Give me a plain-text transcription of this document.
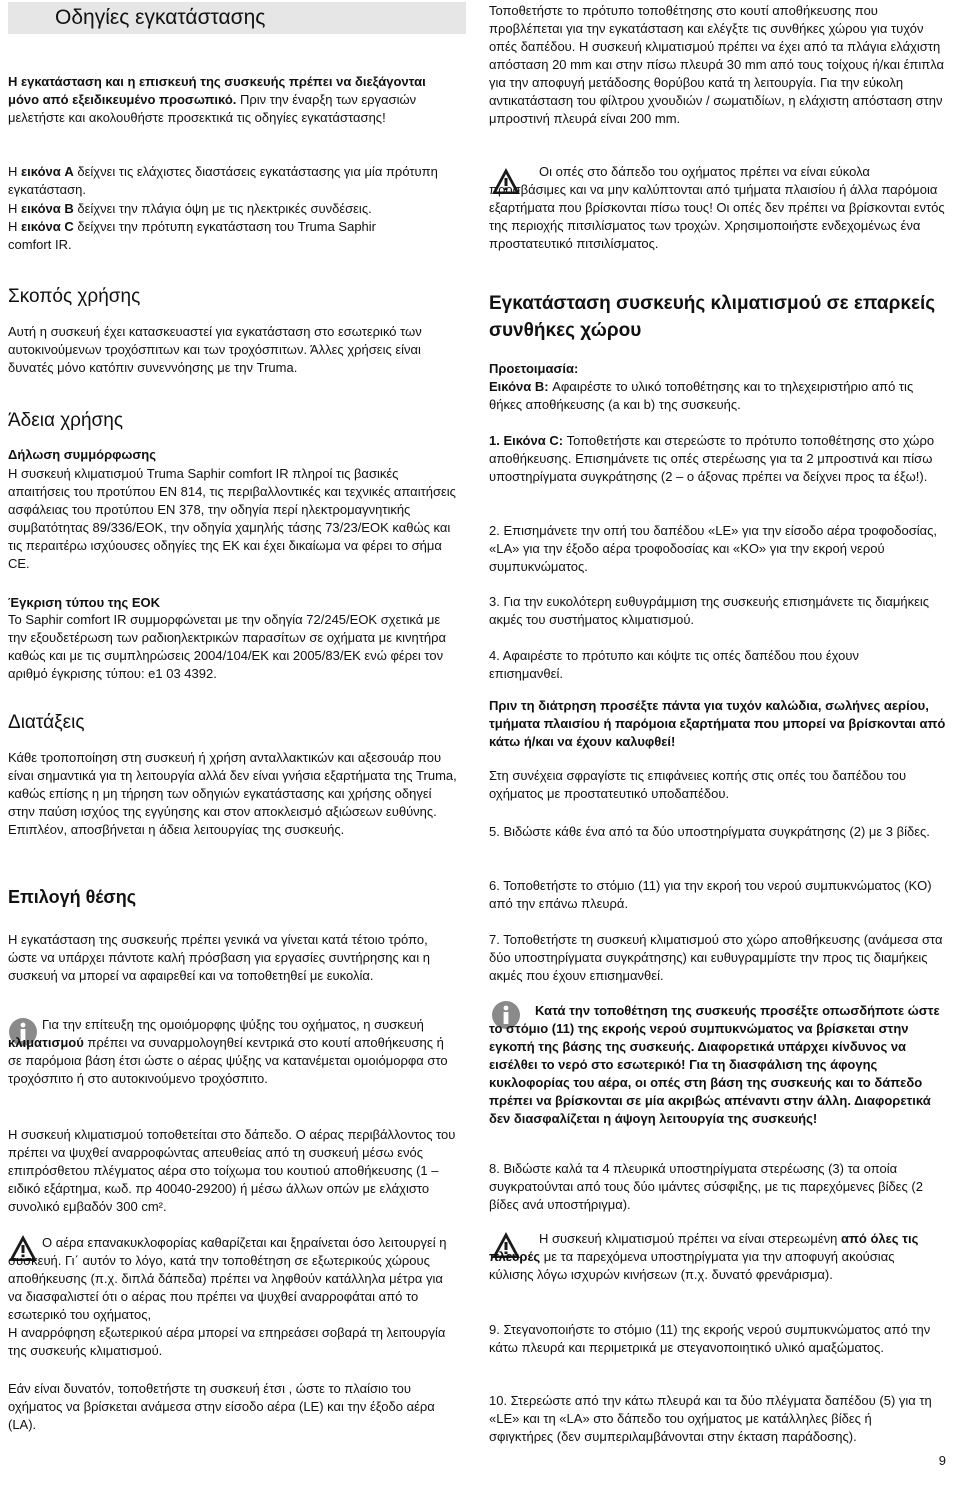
Οδηγίες εγκατάστασης

Η εγκατάσταση και η επισκευή της συσκευής πρέπει να διεξάγονται μόνο από εξειδικευμένο προσωπικό. Πριν την έναρξη των εργασιών μελετήστε και ακολουθήστε προσεκτικά τις οδηγίες εγκατάστασης!

Η εικόνα A δείχνει τις ελάχιστες διαστάσεις εγκατάστασης για μία πρότυπη εγκατάσταση.

Η εικόνα B δείχνει την πλάγια όψη με τις ηλεκτρικές συνδέσεις.

Η εικόνα C δείχνει την πρότυπη εγκατάσταση του Truma Saphir comfort IR.

Σκοπός χρήσης

Αυτή η συσκευή έχει κατασκευαστεί για εγκατάσταση στο εσωτερικό των αυτοκινούμενων τροχόσπιτων και των τροχόσπιτων. Άλλες χρήσεις είναι δυνατές μόνο κατόπιν συνεννόησης με την Truma.

Άδεια χρήσης

Δήλωση συμμόρφωσης

Η συσκευή κλιματισμού Truma Saphir comfort IR πληροί τις βασικές απαιτήσεις του προτύπου EN 814, τις περιβαλλοντικές και τεχνικές απαιτήσεις ασφάλειας του προτύπου EN 378, την οδηγία περί ηλεκτρομαγνητικής συμβατότητας 89/336/ΕΟΚ, την οδηγία χαμηλής τάσης 73/23/ΕΟΚ καθώς και τις περαιτέρω ισχύουσες οδηγίες της ΕΚ και έχει δικαίωμα να φέρει το σήμα CE.

Έγκριση τύπου της ΕΟΚ

Το Saphir comfort IR συμμορφώνεται με την οδηγία 72/245/ΕΟΚ σχετικά με την εξουδετέρωση των ραδιοηλεκτρικών παρασίτων σε οχήματα με κινητήρα καθώς και με τις συμπληρώσεις 2004/104/ΕΚ και 2005/83/ΕΚ ενώ φέρει τον αριθμό έγκρισης τύπου: e1 03 4392.

Διατάξεις

Κάθε τροποποίηση στη συσκευή ή χρήση ανταλλακτικών και αξεσουάρ που είναι σημαντικά για τη λειτουργία αλλά δεν είναι γνήσια εξαρτήματα της Truma, καθώς επίσης η μη τήρηση των οδηγιών εγκατάστασης και χρήσης οδηγεί στην παύση ισχύος της εγγύησης και στον αποκλεισμό αξιώσεων ευθύνης. Επιπλέον, αποσβήνεται η άδεια λειτουργίας της συσκευής.

Επιλογή θέσης

Η εγκατάσταση της συσκευής πρέπει γενικά να γίνεται κατά τέτοιο τρόπο, ώστε να υπάρχει πάντοτε καλή πρόσβαση για εργασίες συντήρησης και η συσκευή να μπορεί να αφαιρεθεί και να τοποθετηθεί με ευκολία.

Για την επίτευξη της ομοιόμορφης ψύξης του οχήματος, η συσκευή κλιματισμού πρέπει να συναρμολογηθεί κεντρικά στο κουτί αποθήκευσης ή σε παρόμοια βάση έτσι ώστε ο αέρας ψύξης να κατανέμεται ομοιόμορφα στο τροχόσπιτο ή στο αυτοκινούμενο τροχόσπιτο.

Η συσκευή κλιματισμού τοποθετείται στο δάπεδο. Ο αέρας περιβάλλοντος του πρέπει να ψυχθεί αναρροφώντας απευθείας από τη συσκευή μέσω ενός επιπρόσθετου πλέγματος αέρα στο τοίχωμα του κουτιού αποθήκευσης (1 – ειδικό εξάρτημα, κωδ. πρ 40040-29200) ή μέσω άλλων οπών με ελάχιστο συνολικό εμβαδόν 300 cm².

Ο αέρα επανακυκλοφορίας καθαρίζεται και ξηραίνεται όσο λειτουργεί η συσκευή. Γι΄ αυτόν το λόγο, κατά την τοποθέτηση σε εξωτερικούς χώρους αποθήκευσης (π.χ. διπλά δάπεδα) πρέπει να ληφθούν κατάλληλα μέτρα για να διασφαλιστεί ότι ο αέρας που πρέπει να ψυχθεί αναρροφάται από το εσωτερικό του οχήματος,

Η αναρρόφηση εξωτερικού αέρα μπορεί να επηρεάσει σοβαρά τη λειτουργία της συσκευής κλιματισμού.

Εάν είναι δυνατόν, τοποθετήστε τη συσκευή έτσι , ώστε το πλαίσιο του οχήματος να βρίσκεται ανάμεσα στην είσοδο αέρα (LE) και την έξοδο αέρα (LA).

Τοποθετήστε το πρότυπο τοποθέτησης στο κουτί αποθήκευσης που προβλέπεται για την εγκατάσταση και ελέγξτε τις συνθήκες χώρου για τυχόν οπές δαπέδου. Η συσκευή κλιματισμού πρέπει να έχει από τα πλάγια ελάχιστη απόσταση 20 mm και στην πίσω πλευρά 30 mm από τους τοίχους ή/και έπιπλα για την αποφυγή μετάδοσης θορύβου κατά τη λειτουργία. Για την εύκολη αντικατάσταση του φίλτρου χνουδιών / σωματιδίων, η ελάχιστη απόσταση στην μπροστινή πλευρά είναι 200 mm.

Οι οπές στο δάπεδο του οχήματος πρέπει να είναι εύκολα προσβάσιμες και να μην καλύπτονται από τμήματα πλαισίου ή άλλα παρόμοια εξαρτήματα που βρίσκονται πίσω τους! Οι οπές δεν πρέπει να βρίσκονται εντός της περιοχής πιτσιλίσματος των τροχών. Χρησιμοποιήστε ενδεχομένως ένα προστατευτικό πιτσιλίσματος.

Εγκατάσταση συσκευής κλιματισμού σε επαρκείς συνθήκες χώρου

Προετοιμασία:

Εικόνα B: Αφαιρέστε το υλικό τοποθέτησης και το τηλεχειριστήριο από τις θήκες αποθήκευσης (a και b) της συσκευής.

1. Εικόνα C: Τοποθετήστε και στερεώστε το πρότυπο τοποθέτησης στο χώρο αποθήκευσης. Επισημάνετε τις οπές στερέωσης για τα 2 μπροστινά και πίσω υποστηρίγματα συγκράτησης (2 – ο άξονας πρέπει να δείχνει προς τα έξω!).

2. Επισημάνετε την οπή του δαπέδου «LE» για την είσοδο αέρα τροφοδοσίας, «LA» για την έξοδο αέρα τροφοδοσίας και «KO» για την εκροή νερού συμπυκνώματος.

3. Για την ευκολότερη ευθυγράμμιση της συσκευής επισημάνετε τις διαμήκεις ακμές του συστήματος κλιματισμού.

4. Αφαιρέστε το πρότυπο και κόψτε τις οπές δαπέδου που έχουν επισημανθεί.

Πριν τη διάτρηση προσέξτε πάντα για τυχόν καλώδια, σωλήνες αερίου, τμήματα πλαισίου ή παρόμοια εξαρτήματα που μπορεί να βρίσκονται από κάτω ή/και να έχουν καλυφθεί!

Στη συνέχεια σφραγίστε τις επιφάνειες κοπής στις οπές του δαπέδου του οχήματος με προστατευτικό υποδαπέδου.

5. Βιδώστε κάθε ένα από τα δύο υποστηρίγματα συγκράτησης (2) με 3 βίδες.

6. Τοποθετήστε το στόμιο (11) για την εκροή του νερού συμπυκνώματος (KO) από την επάνω πλευρά.

7. Τοποθετήστε τη συσκευή κλιματισμού στο χώρο αποθήκευσης (ανάμεσα στα δύο υποστηρίγματα συγκράτησης) και ευθυγραμμίστε την προς τις διαμήκεις ακμές που έχουν επισημανθεί.

Κατά την τοποθέτηση της συσκευής προσέξτε οπωσδήποτε ώστε το στόμιο (11) της εκροής νερού συμπυκνώματος να βρίσκεται στην εγκοπή της βάσης της συσκευής. Διαφορετικά υπάρχει κίνδυνος να εισέλθει το νερό στο εσωτερικό! Για τη διασφάλιση της άφογης κυκλοφορίας του αέρα, οι οπές στη βάση της συσκευής και το δάπεδο πρέπει να βρίσκονται σε μία ακριβώς απέναντι στην άλλη. Διαφορετικά δεν διασφαλίζεται η άψογη λειτουργία της συσκευής!

8. Βιδώστε καλά τα 4 πλευρικά υποστηρίγματα στερέωσης (3) τα οποία συγκρατούνται από τους δύο ιμάντες σύσφιξης, με τις παρεχόμενες βίδες (2 βίδες ανά υποστήριγμα).

Η συσκευή κλιματισμού πρέπει να είναι στερεωμένη από όλες τις πλευρές με τα παρεχόμενα υποστηρίγματα για την αποφυγή ακούσιας κύλισης λόγω ισχυρών κινήσεων (π.χ. δυνατό φρενάρισμα).

9. Στεγανοποιήστε το στόμιο (11) της εκροής νερού συμπυκνώματος από την κάτω πλευρά και περιμετρικά με στεγανοποιητικό υλικό αμαξώματος.

10. Στερεώστε από την κάτω πλευρά και τα δύο πλέγματα δαπέδου (5) για τη «LE» και τη «LA» στο δάπεδο του οχήματος με κατάλληλες βίδες ή σφιγκτήρες (δεν συμπεριλαμβάνονται στην έκταση παράδοσης).

9
